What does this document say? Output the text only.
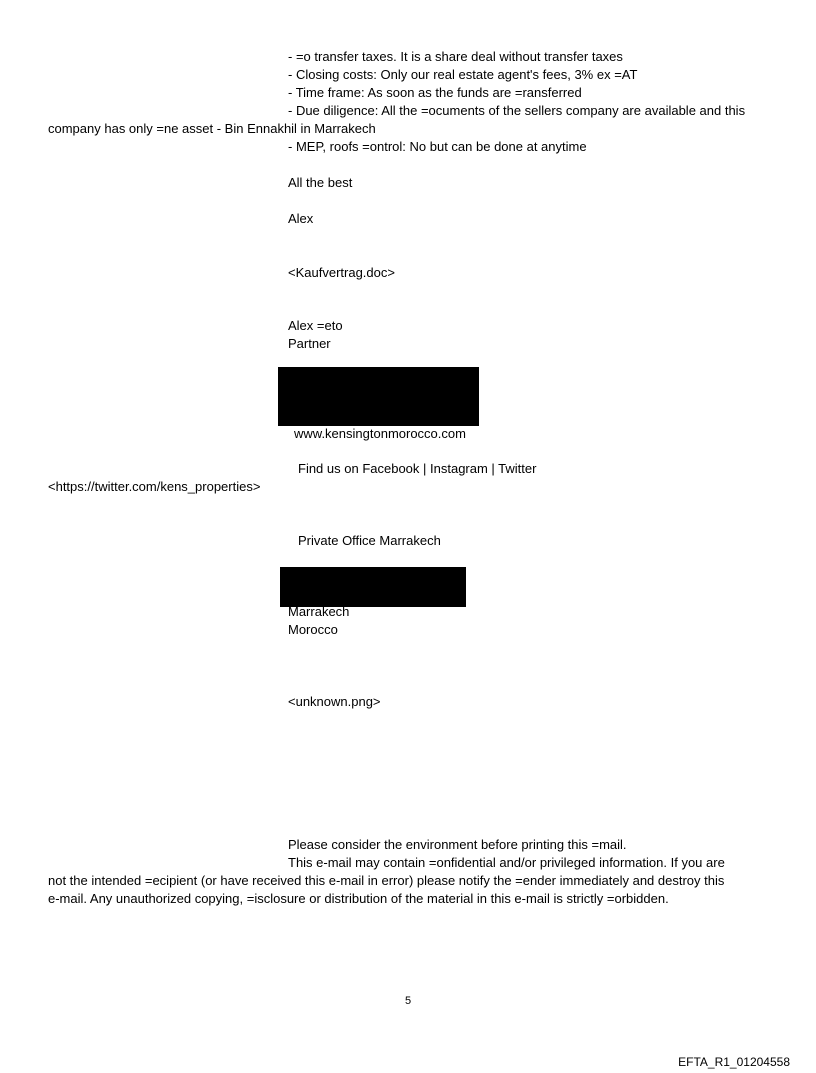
- =o transfer taxes. It is a share deal without transfer taxes
- Closing costs: Only our real estate agent's fees, 3% ex =AT
- Time frame: As soon as the funds are =ransferred
- Due diligence: All the =ocuments of the sellers company are available and this
company has only =ne asset - Bin Ennakhil in Marrakech
- MEP, roofs =ontrol: No but can be done at anytime
All the best
Alex
<Kaufvertrag.doc>
Alex =eto
Partner
www.kensingtonmorocco.com
Find us on Facebook | Instagram | Twitter
<https://twitter.com/kens_properties>
Private Office Marrakech
Marrakech
Morocco
<unknown.png>
Please consider the environment before printing this =mail.
This e-mail may contain =onfidential and/or privileged information. If you are
not the intended =ecipient (or have received this e-mail in error) please notify the =ender immediately and destroy this
e-mail. Any unauthorized copying, =isclosure or distribution of the material in this e-mail is strictly =orbidden.
5
EFTA_R1_01204558
